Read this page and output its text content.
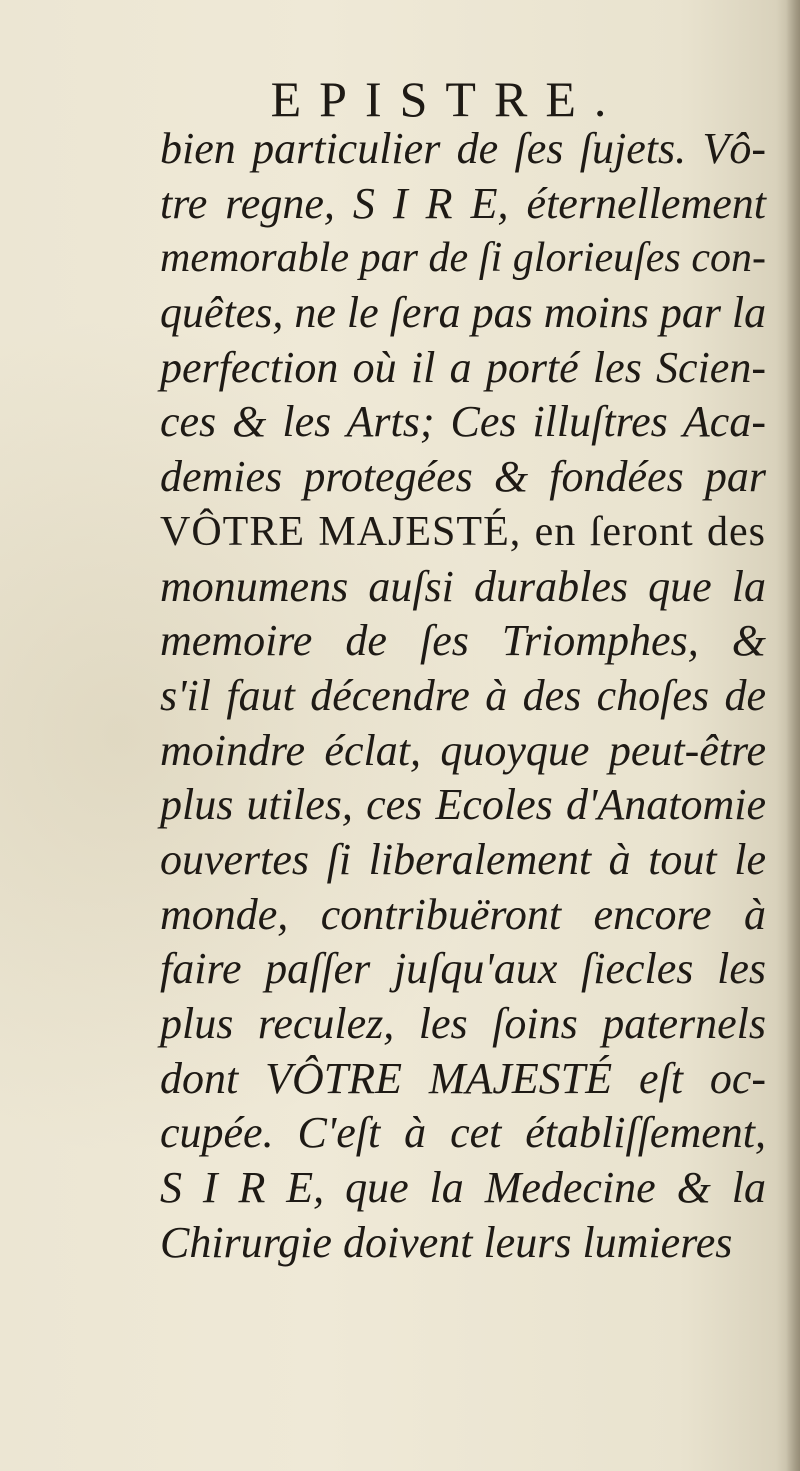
EPISTRE.
bien particulier de ſes ſujets. Vô-
tre regne, S I R E, éternellement
memorable par de ſi glorieuſes con-
quêtes, ne le ſera pas moins par la
perfection où il a porté les Scien-
ces & les Arts; Ces illuſtres Aca-
demies protegées & fondées par
VÔTRE MAJESTÉ, en ſeront des
monumens auſsi durables que la
memoire de ſes Triomphes, &
s'il faut décendre à des choſes de
moindre éclat, quoyque peut-être
plus utiles, ces Ecoles d'Anatomie
ouvertes ſi liberalement à tout le
monde, contribuëront encore à
faire paſſer juſqu'aux ſiecles les
plus reculez, les ſoins paternels
dont VÔTRE MAJESTÉ eſt oc-
cupée. C'eſt à cet établiſſement,
S I R E, que la Medecine & la
Chirurgie doivent leurs lumieres
